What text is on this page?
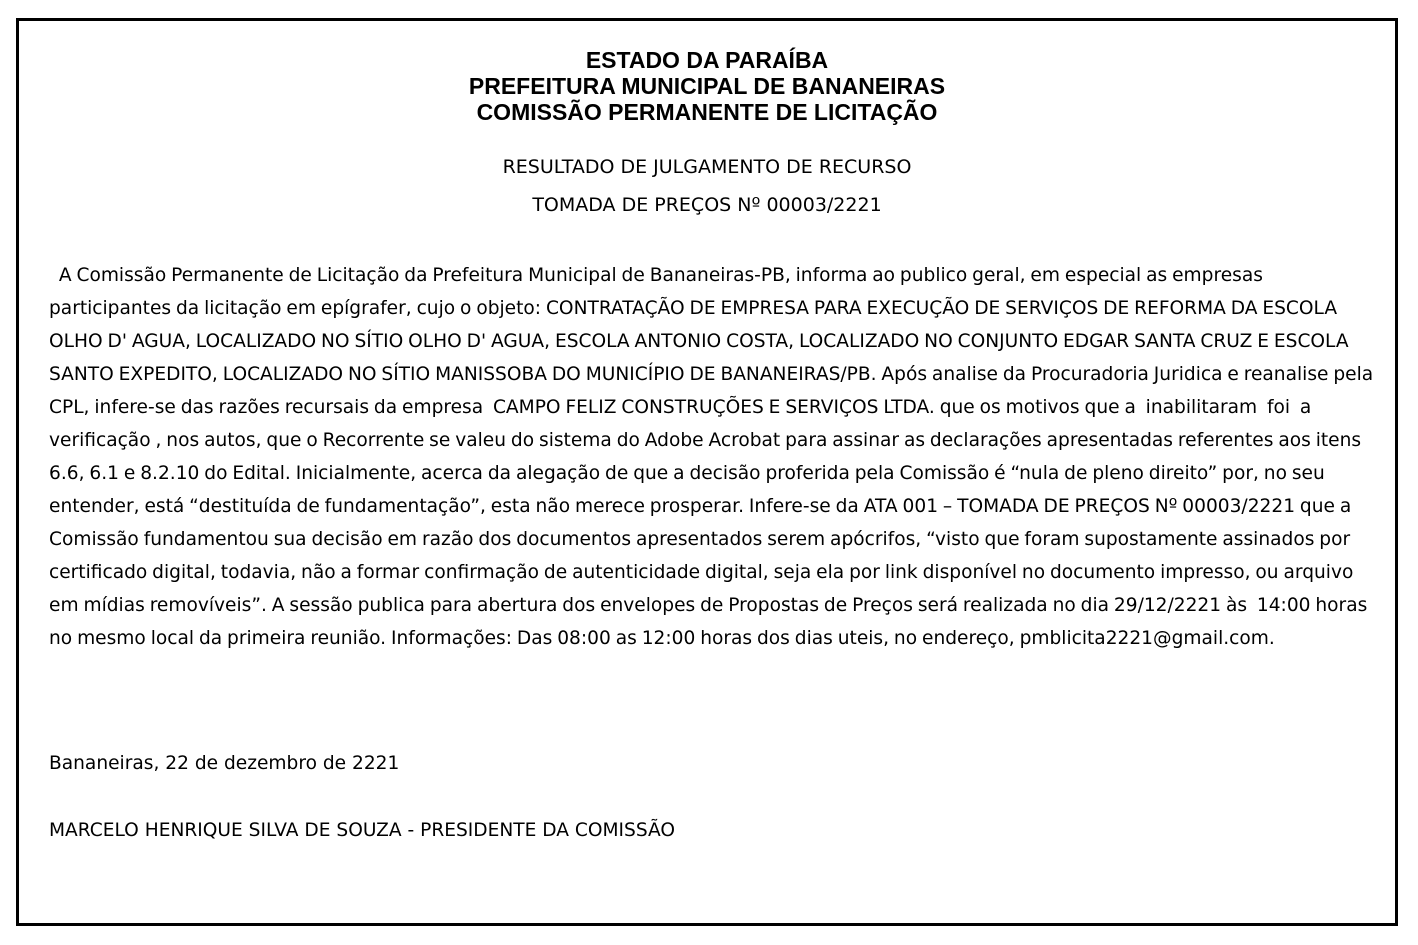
ESTADO DA PARAÍBA
PREFEITURA MUNICIPAL DE BANANEIRAS
COMISSÃO PERMANENTE DE LICITAÇÃO
RESULTADO DE JULGAMENTO DE RECURSO
TOMADA DE PREÇOS Nº 00003/2221
A Comissão Permanente de Licitação da Prefeitura Municipal de Bananeiras-PB, informa ao publico geral, em especial as empresas participantes da licitação em epígrafer, cujo o objeto: CONTRATAÇÃO DE EMPRESA PARA EXECUÇÃO DE SERVIÇOS DE REFORMA DA ESCOLA OLHO D' AGUA, LOCALIZADO NO SÍTIO OLHO D' AGUA, ESCOLA ANTONIO COSTA, LOCALIZADO NO CONJUNTO EDGAR SANTA CRUZ E ESCOLA SANTO EXPEDITO, LOCALIZADO NO SÍTIO MANISSOBA DO MUNICÍPIO DE BANANEIRAS/PB. Após analise da Procuradoria Juridica e reanalise pela CPL, infere-se das razões recursais da empresa  CAMPO FELIZ CONSTRUÇÕES E SERVIÇOS LTDA. que os motivos que a  inabilitaram  foi  a verificação , nos autos, que o Recorrente se valeu do sistema do Adobe Acrobat para assinar as declarações apresentadas referentes aos itens 6.6, 6.1 e 8.2.10 do Edital. Inicialmente, acerca da alegação de que a decisão proferida pela Comissão é “nula de pleno direito” por, no seu entender, está “destituída de fundamentação”, esta não merece prosperar. Infere-se da ATA 001 – TOMADA DE PREÇOS Nº 00003/2221 que a Comissão fundamentou sua decisão em razão dos documentos apresentados serem apócrifos, “visto que foram supostamente assinados por certificado digital, todavia, não a formar confirmação de autenticidade digital, seja ela por link disponível no documento impresso, ou arquivo em mídias removíveis”. A sessão publica para abertura dos envelopes de Propostas de Preços será realizada no dia 29/12/2221 às  14:00 horas no mesmo local da primeira reunião. Informações: Das 08:00 as 12:00 horas dos dias uteis, no endereço, pmblicita2221@gmail.com.
Bananeiras, 22 de dezembro de 2221
MARCELO HENRIQUE SILVA DE SOUZA - PRESIDENTE DA COMISSÃO
